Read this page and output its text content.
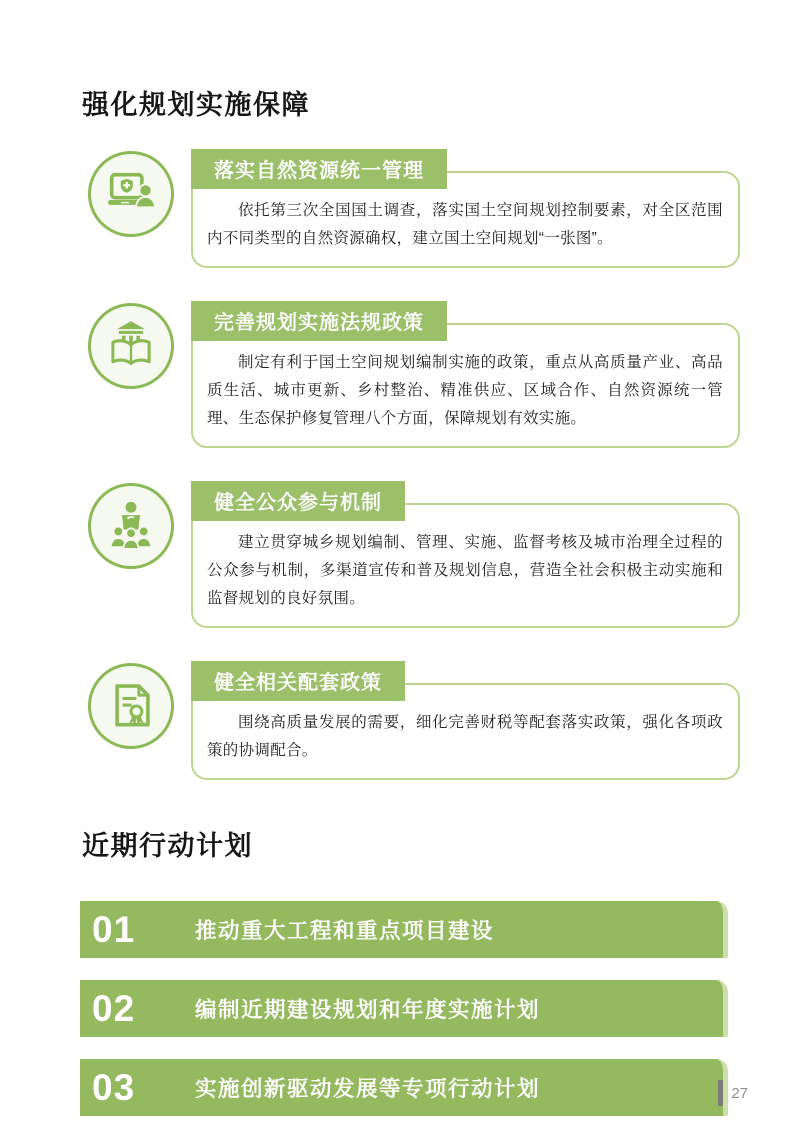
强化规划实施保障
落实自然资源统一管理

依托第三次全国国土调查，落实国土空间规划控制要素，对全区范围内不同类型的自然资源确权，建立国土空间规划“一张图”。

完善规划实施法规政策

制定有利于国土空间规划编制实施的政策，重点从高质量产业、高品质生活、城市更新、乡村整治、精准供应、区域合作、自然资源统一管理、生态保护修复管理八个方面，保障规划有效实施。

健全公众参与机制

建立贯穿城乡规划编制、管理、实施、监督考核及城市治理全过程的公众参与机制，多渠道宣传和普及规划信息，营造全社会积极主动实施和监督规划的良好氛围。

健全相关配套政策

围绕高质量发展的需要，细化完善财税等配套落实政策，强化各项政策的协调配合。

近期行动计划
01	推动重大工程和重点项目建设
02	编制近期建设规划和年度实施计划
03	实施创新驱动发展等专项行动计划	27
